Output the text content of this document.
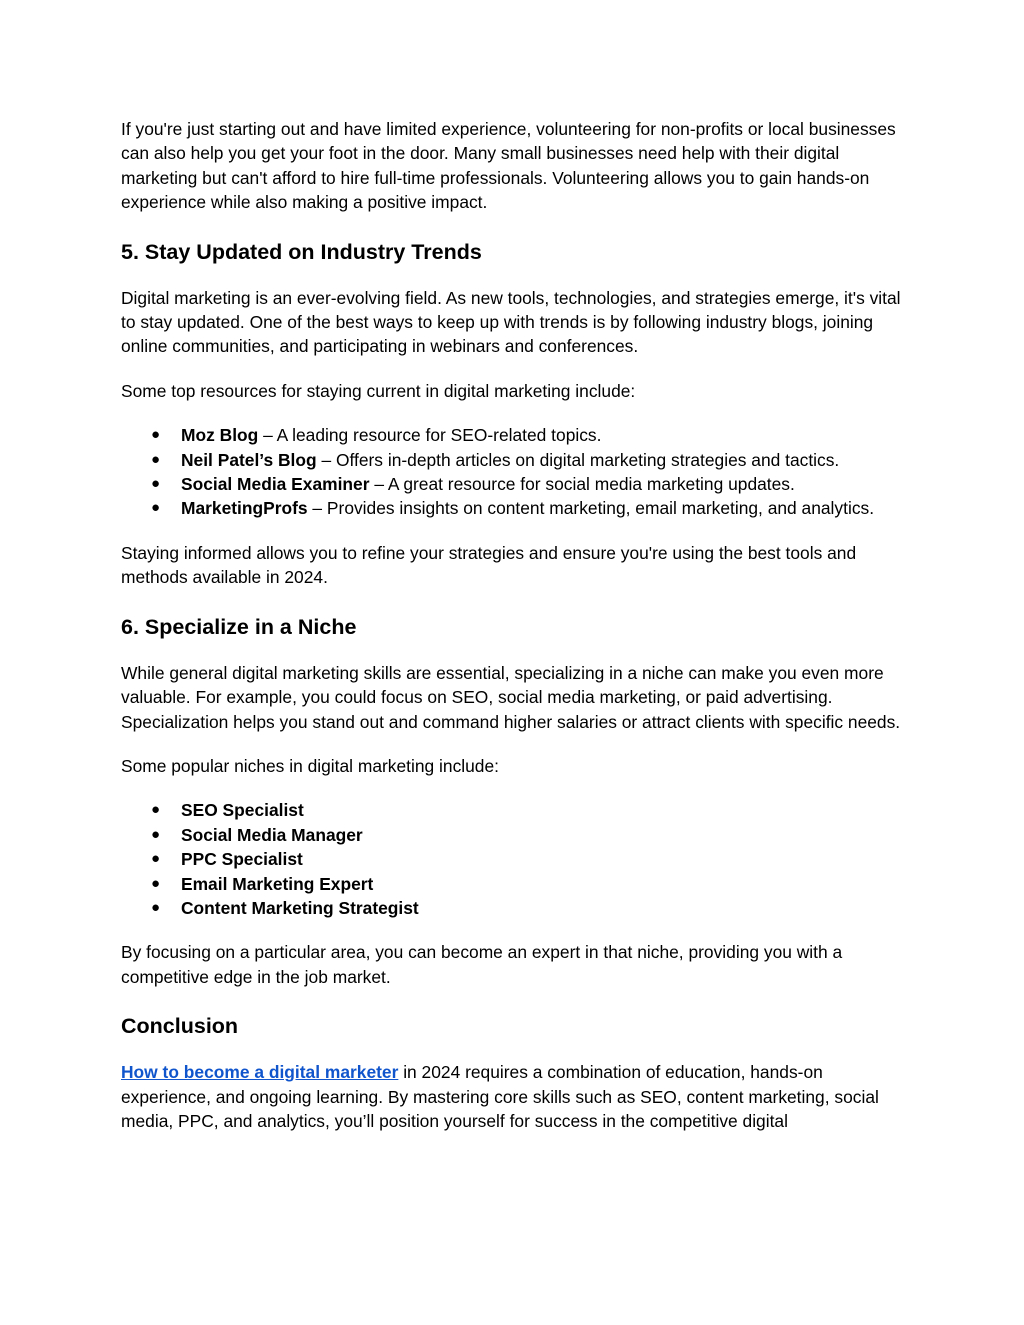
If you're just starting out and have limited experience, volunteering for non-profits or local businesses can also help you get your foot in the door. Many small businesses need help with their digital marketing but can't afford to hire full-time professionals. Volunteering allows you to gain hands-on experience while also making a positive impact.

5. Stay Updated on Industry Trends

Digital marketing is an ever-evolving field. As new tools, technologies, and strategies emerge, it's vital to stay updated. One of the best ways to keep up with trends is by following industry blogs, joining online communities, and participating in webinars and conferences.

Some top resources for staying current in digital marketing include:

● Moz Blog – A leading resource for SEO-related topics.
● Neil Patel’s Blog – Offers in-depth articles on digital marketing strategies and tactics.
● Social Media Examiner – A great resource for social media marketing updates.
● MarketingProfs – Provides insights on content marketing, email marketing, and analytics.

Staying informed allows you to refine your strategies and ensure you're using the best tools and methods available in 2024.

6. Specialize in a Niche

While general digital marketing skills are essential, specializing in a niche can make you even more valuable. For example, you could focus on SEO, social media marketing, or paid advertising. Specialization helps you stand out and command higher salaries or attract clients with specific needs.

Some popular niches in digital marketing include:

● SEO Specialist
● Social Media Manager
● PPC Specialist
● Email Marketing Expert
● Content Marketing Strategist

By focusing on a particular area, you can become an expert in that niche, providing you with a competitive edge in the job market.

Conclusion

How to become a digital marketer in 2024 requires a combination of education, hands-on experience, and ongoing learning. By mastering core skills such as SEO, content marketing, social media, PPC, and analytics, you’ll position yourself for success in the competitive digital
